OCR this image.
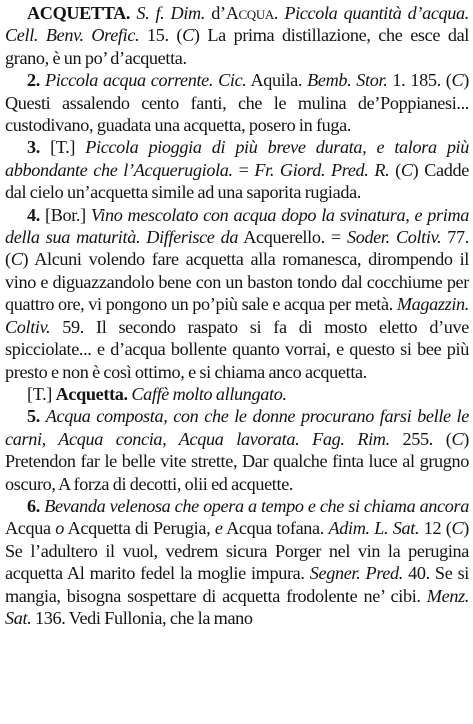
ACQUETTA. S. f. Dim. d’Acqua. Piccola quantità d’acqua. Cell. Benv. Orefic. 15. (C) La prima distillazione, che esce dal grano, è un po’ d’acquetta.

2. Piccola acqua corrente. Cic. Aquila. Bemb. Stor. 1. 185. (C) Questi assalendo cento fanti, che le mulina de’Poppianesi... custodivano, guadata una acquetta, posero in fuga.

3. [T.] Piccola pioggia di più breve durata, e talora più abbondante che l’Acquerugiola. = Fr. Giord. Pred. R. (C) Cadde dal cielo un’acquetta simile ad una saporita rugiada.

4. [Bor.] Vino mescolato con acqua dopo la svinatura, e prima della sua maturità. Differisce da Acquerello. = Soder. Coltiv. 77. (C) Alcuni volendo fare acquetta alla romanesca, dirompendo il vino e diguazzandolo bene con un baston tondo dal cocchiume per quattro ore, vi pongono un po’più sale e acqua per metà. Magazzin. Coltiv. 59. Il secondo raspato si fa di mosto eletto d’uve spicciolate... e d’acqua bollente quanto vorrai, e questo si bee più presto e non è così ottimo, e si chiama anco acquetta.

[T.] Acquetta. Caffè molto allungato.

5. Acqua composta, con che le donne procurano farsi belle le carni, Acqua concia, Acqua lavorata. Fag. Rim. 255. (C) Pretendon far le belle vite strette, Dar qualche finta luce al grugno oscuro, A forza di decotti, olii ed acquette.

6. Bevanda velenosa che opera a tempo e che si chiama ancora Acqua o Acquetta di Perugia, e Acqua tofana. Adim. L. Sat. 12 (C) Se l’adultero il vuol, vedrem sicura Porger nel vin la perugina acquetta Al marito fedel la moglie impura. Segner. Pred. 40. Se si mangia, bisogna sospettare di acquetta frodolente ne’ cibi. Menz. Sat. 136. Vedi Fullonia, che la mano
